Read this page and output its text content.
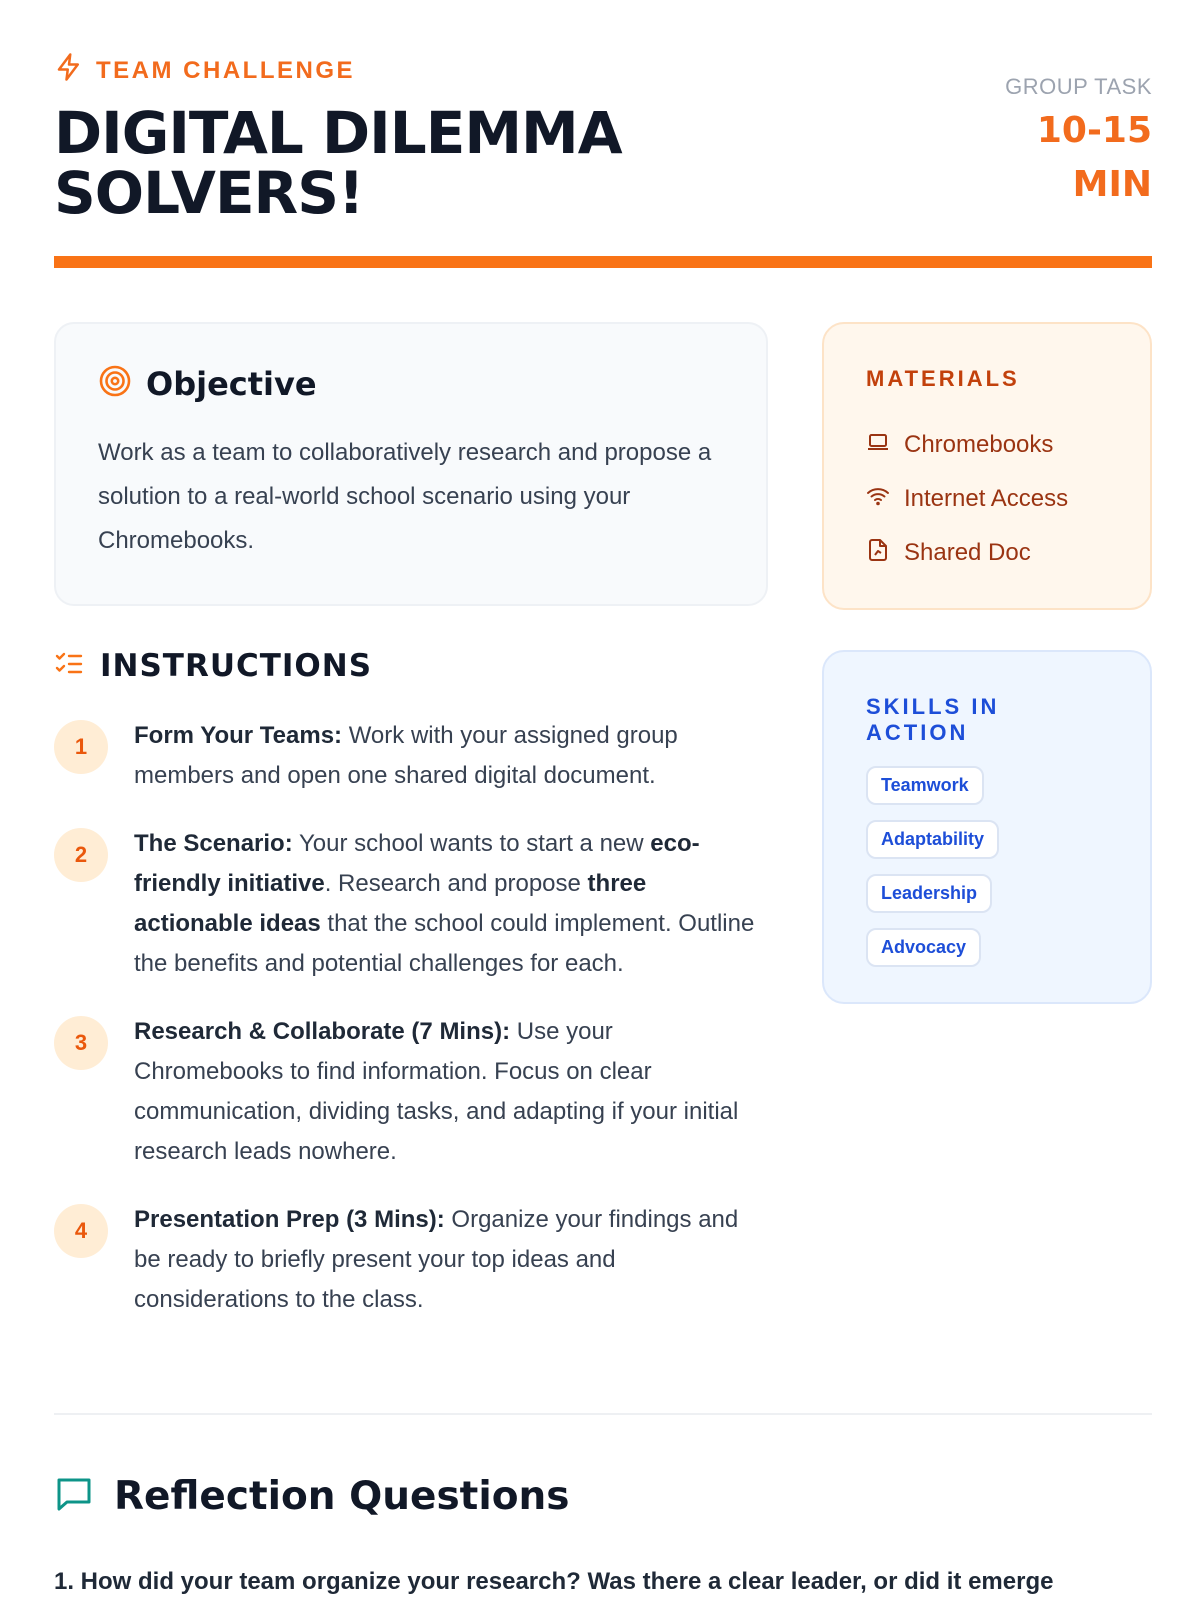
TEAM CHALLENGE
DIGITAL DILEMMA SOLVERS!
GROUP TASK
10-15 MIN
Objective

Work as a team to collaboratively research and propose a solution to a real-world school scenario using your Chromebooks.

MATERIALS
Chromebooks
Internet Access
Shared Doc
SKILLS IN ACTION
Teamwork
Adaptability
Leadership
Advocacy
INSTRUCTIONS
1	Form Your Teams: Work with your assigned group members and open one shared digital document.

2	The Scenario: Your school wants to start a new eco-friendly initiative. Research and propose three actionable ideas that the school could implement. Outline the benefits and potential challenges for each.

3	Research & Collaborate (7 Mins): Use your Chromebooks to find information. Focus on clear communication, dividing tasks, and adapting if your initial research leads nowhere.

4	Presentation Prep (3 Mins): Organize your findings and be ready to briefly present your top ideas and considerations to the class.

Reflection Questions

1. How did your team organize your research? Was there a clear leader, or did it emerge
